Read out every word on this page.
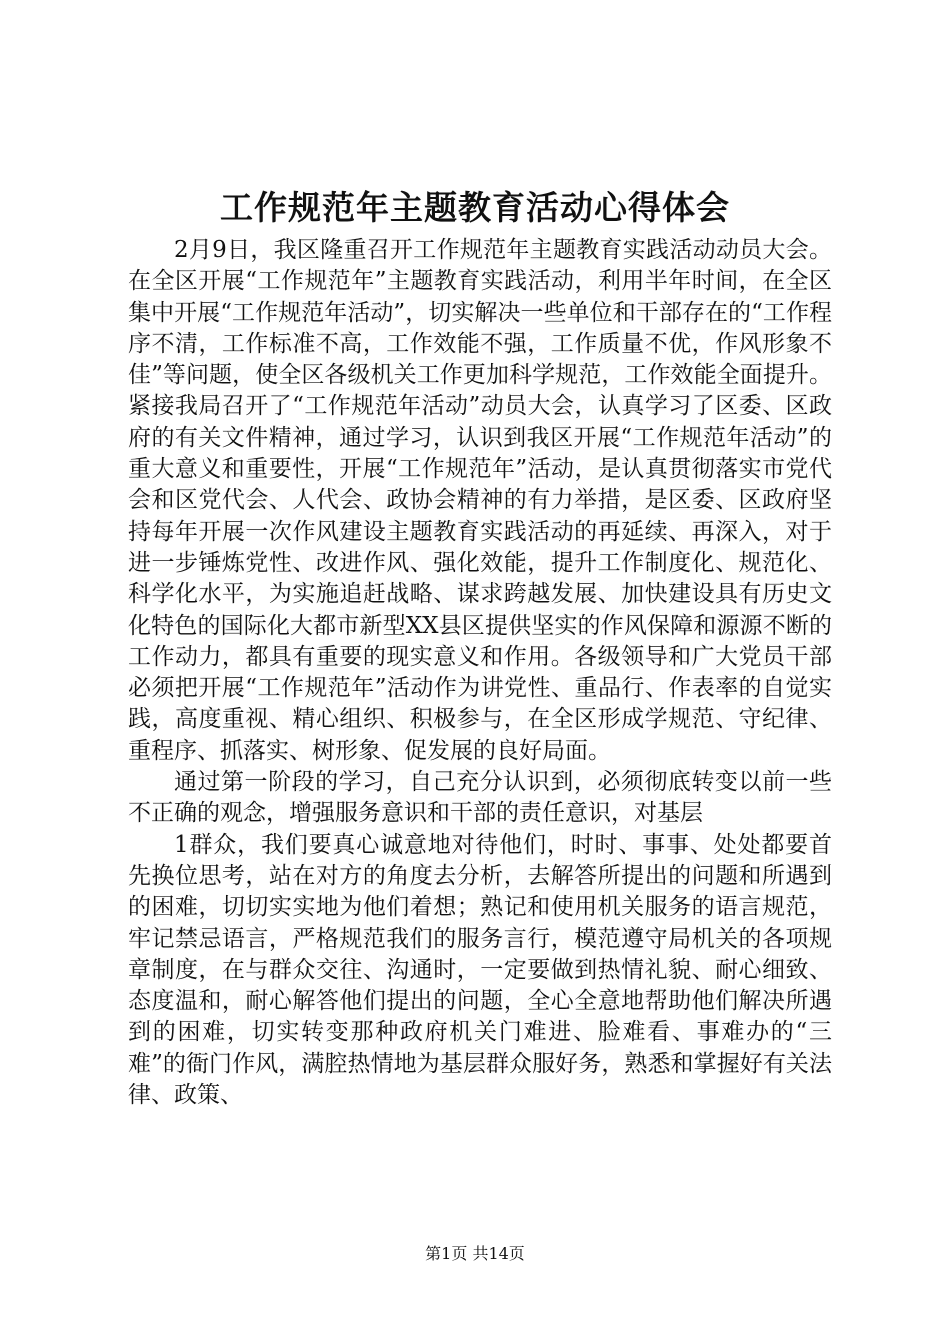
工作规范年主题教育活动心得体会

2月9日，我区隆重召开工作规范年主题教育实践活动动员大会。在全区开展“工作规范年”主题教育实践活动，利用半年时间，在全区集中开展“工作规范年活动”，切实解决一些单位和干部存在的“工作程序不清，工作标准不高，工作效能不强，工作质量不优，作风形象不佳”等问题，使全区各级机关工作更加科学规范，工作效能全面提升。紧接我局召开了“工作规范年活动”动员大会，认真学习了区委、区政府的有关文件精神，通过学习，认识到我区开展“工作规范年活动”的重大意义和重要性，开展“工作规范年”活动，是认真贯彻落实市党代会和区党代会、人代会、政协会精神的有力举措，是区委、区政府坚持每年开展一次作风建设主题教育实践活动的再延续、再深入，对于进一步锤炼党性、改进作风、强化效能，提升工作制度化、规范化、科学化水平，为实施追赶战略、谋求跨越发展、加快建设具有历史文化特色的国际化大都市新型XX县区提供坚实的作风保障和源源不断的工作动力，都具有重要的现实意义和作用。各级领导和广大党员干部必须把开展“工作规范年”活动作为讲党性、重品行、作表率的自觉实践，高度重视、精心组织、积极参与，在全区形成学规范、守纪律、重程序、抓落实、树形象、促发展的良好局面。

通过第一阶段的学习，自己充分认识到，必须彻底转变以前一些不正确的观念，增强服务意识和干部的责任意识，对基层

1群众，我们要真心诚意地对待他们，时时、事事、处处都要首先换位思考，站在对方的角度去分析，去解答所提出的问题和所遇到的困难，切切实实地为他们着想；熟记和使用机关服务的语言规范，牢记禁忌语言，严格规范我们的服务言行，模范遵守局机关的各项规章制度，在与群众交往、沟通时，一定要做到热情礼貌、耐心细致、态度温和，耐心解答他们提出的问题，全心全意地帮助他们解决所遇到的困难，切实转变那种政府机关门难进、脸难看、事难办的“三难”的衙门作风，满腔热情地为基层群众服好务，熟悉和掌握好有关法律、政策、

第1页 共14页
